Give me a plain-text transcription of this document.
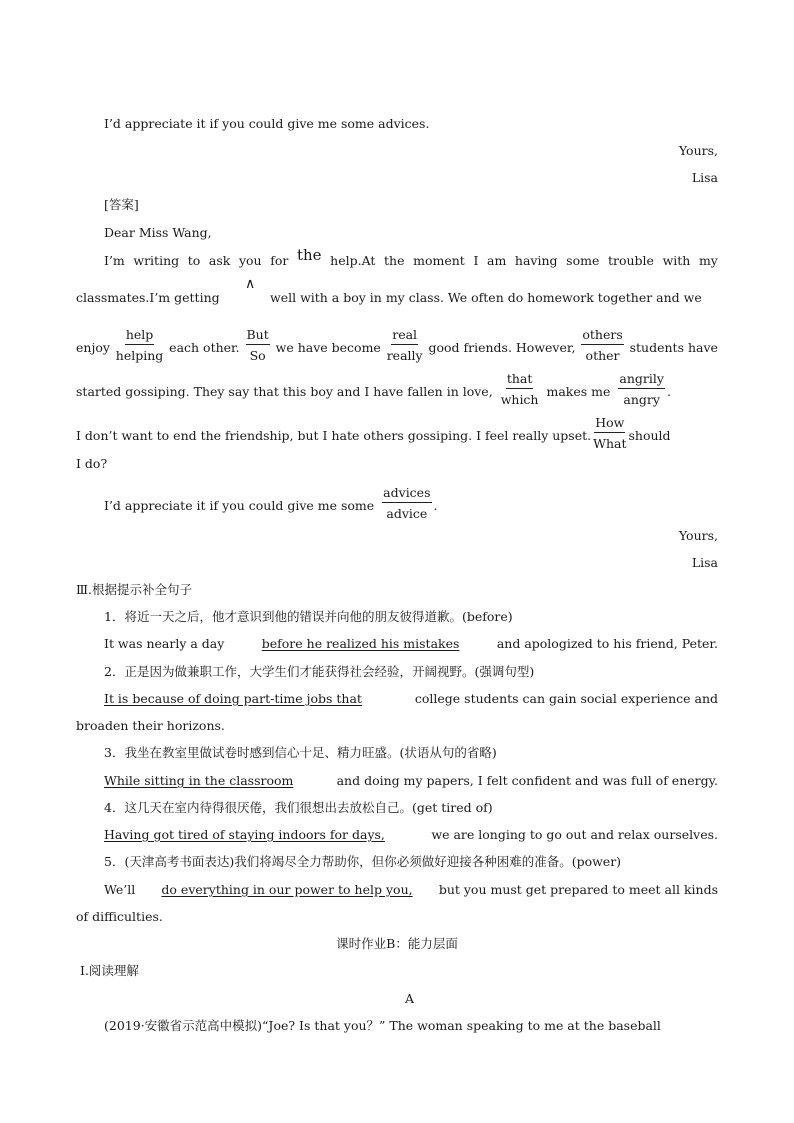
I’d appreciate it if you could give me some advices.
Yours,
Lisa
[答案]
Dear Miss Wang,
I’m writing to ask you for the help.At the moment I am having some trouble with my
classmates.I’m getting
∧
well with a boy in my class. We often do homework together and we
enjoy $\frac{\text{help}}{\text{helping}}$ each other. $\frac{\text{But}}{So}$ we have become $\frac{\text{real}}{\text{really}}$ good friends. However, $\frac{\text{others}}{\text{other}}$ students have
started gossiping. They say that this boy and I have fallen in love, $\frac{\text{that}}{\text{which}}$ makes me $\frac{\text{angrily}}{\text{angry}}$ .
I don’t want to end the friendship, but I hate others gossiping. I feel really upset. $\frac{\text{How}}{\text{What}}$ should
I do?
I’d appreciate it if you could give me some $\frac{\text{advices}}{\text{advice}}$ .
Yours,
Lisa
Ⅲ.根据提示补全句子
1．将近一天之后，他才意识到他的错误并向他的朋友彼得道歉。(before)
It was nearly a day	before he realized his mistakes	and apologized to his friend, Peter.
2．正是因为做兼职工作，大学生们才能获得社会经验，开阔视野。(强调句型)
It is because of doing part-time jobs that	college students can gain social experience and
broaden their horizons.
3．我坐在教室里做试卷时感到信心十足、精力旺盛。(状语从句的省略)
While sitting in the classroom	and doing my papers, I felt confident and was full of energy.
4．这几天在室内待得很厌倦，我们很想出去放松自己。(get tired of)
Having got tired of staying indoors for days,	we are longing to go out and relax ourselves.
5．(天津高考书面表达)我们将竭尽全力帮助你，但你必须做好迎接各种困难的准备。(power)
We’ll do everything in our power to help you, but you must get prepared to meet all kinds
of difficulties.
课时作业B：能力层面
Ⅰ.阅读理解
A
(2019·安徽省示范高中模拟)“Joe? Is that you？” The woman speaking to me at the baseball
